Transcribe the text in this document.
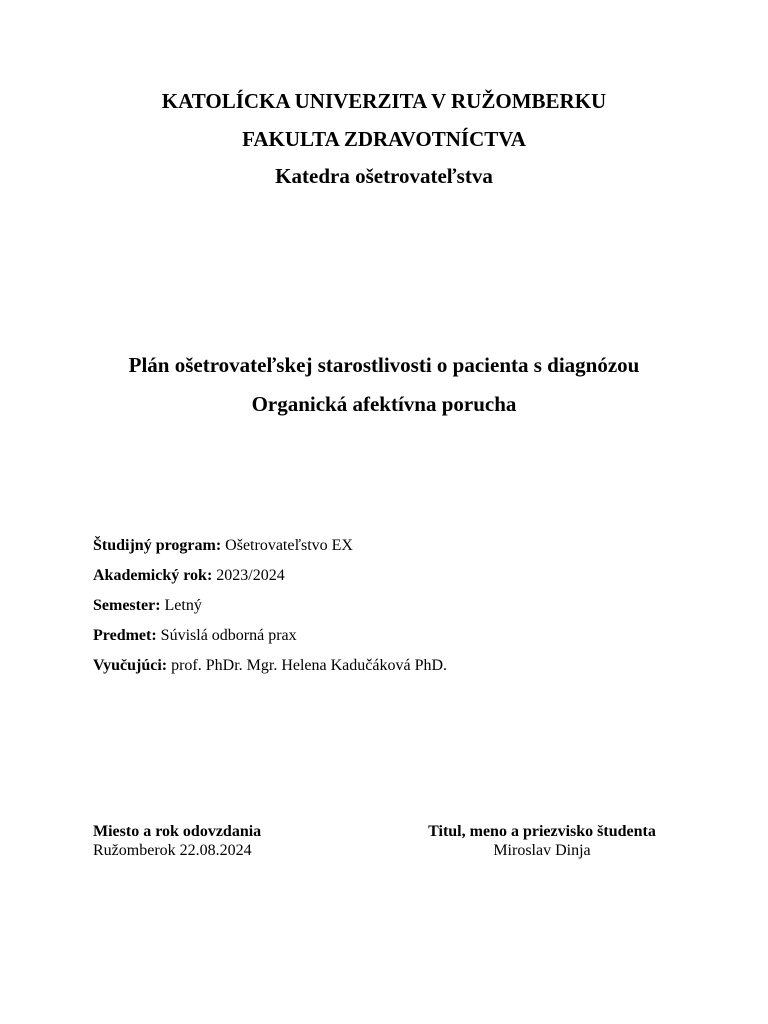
KATOLÍCKA UNIVERZITA V RUŽOMBERKU
FAKULTA ZDRAVOTNÍCTVA
Katedra ošetrovateľstva
Plán ošetrovateľskej starostlivosti o pacienta s diagnózou
Organická afektívna porucha
Študijný program: Ošetrovateľstvo EX
Akademický rok: 2023/2024
Semester: Letný
Predmet: Súvislá odborná prax
Vyučujúci: prof. PhDr. Mgr. Helena Kadučáková PhD.
Miesto a rok odovzdania
Ružomberok 22.08.2024
Titul, meno a priezvisko študenta
Miroslav Dinja
